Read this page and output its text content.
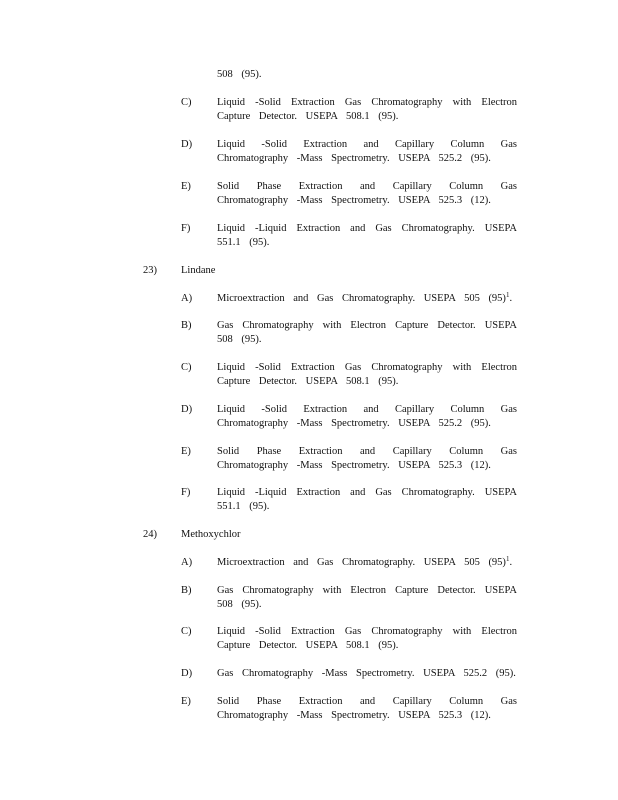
508 (95).
C) Liquid -Solid Extraction Gas Chromatography with Electron
Capture Detector. USEPA 508.1 (95).
D) Liquid -Solid Extraction and Capillary Column Gas
Chromatography -Mass Spectrometry. USEPA 525.2 (95).
E) Solid Phase Extraction and Capillary Column Gas
Chromatography -Mass Spectrometry. USEPA 525.3 (12).
F)	Liquid -Liquid Extraction and Gas Chromatography. USEPA
551.1 (95).
23) Lindane
A) Microextraction and Gas Chromatography. USEPA 505 $(95)^1$.
B) Gas Chromatography with Electron Capture Detector. USEPA
508 (95).
C) Liquid -Solid Extraction Gas Chromatography with Electron
Capture Detector. USEPA 508.1 (95).
D) Liquid -Solid Extraction and Capillary Column Gas
Chromatography -Mass Spectrometry. USEPA 525.2 (95).
E) Solid Phase Extraction and Capillary Column Gas
Chromatography -Mass Spectrometry. USEPA 525.3 (12).
F)	Liquid -Liquid Extraction and Gas Chromatography. USEPA
551.1 (95).
24) Methoxychlor
A) Microextraction and Gas Chromatography. USEPA 505 $(95)^1$.
B) Gas Chromatography with Electron Capture Detector. USEPA
508 (95).
C) Liquid -Solid Extraction Gas Chromatography with Electron
Capture Detector. USEPA 508.1 (95).
D) Gas Chromatography -Mass Spectrometry. USEPA 525.2 (95).
E) Solid Phase Extraction and Capillary Column Gas
Chromatography -Mass Spectrometry. USEPA 525.3 (12).
